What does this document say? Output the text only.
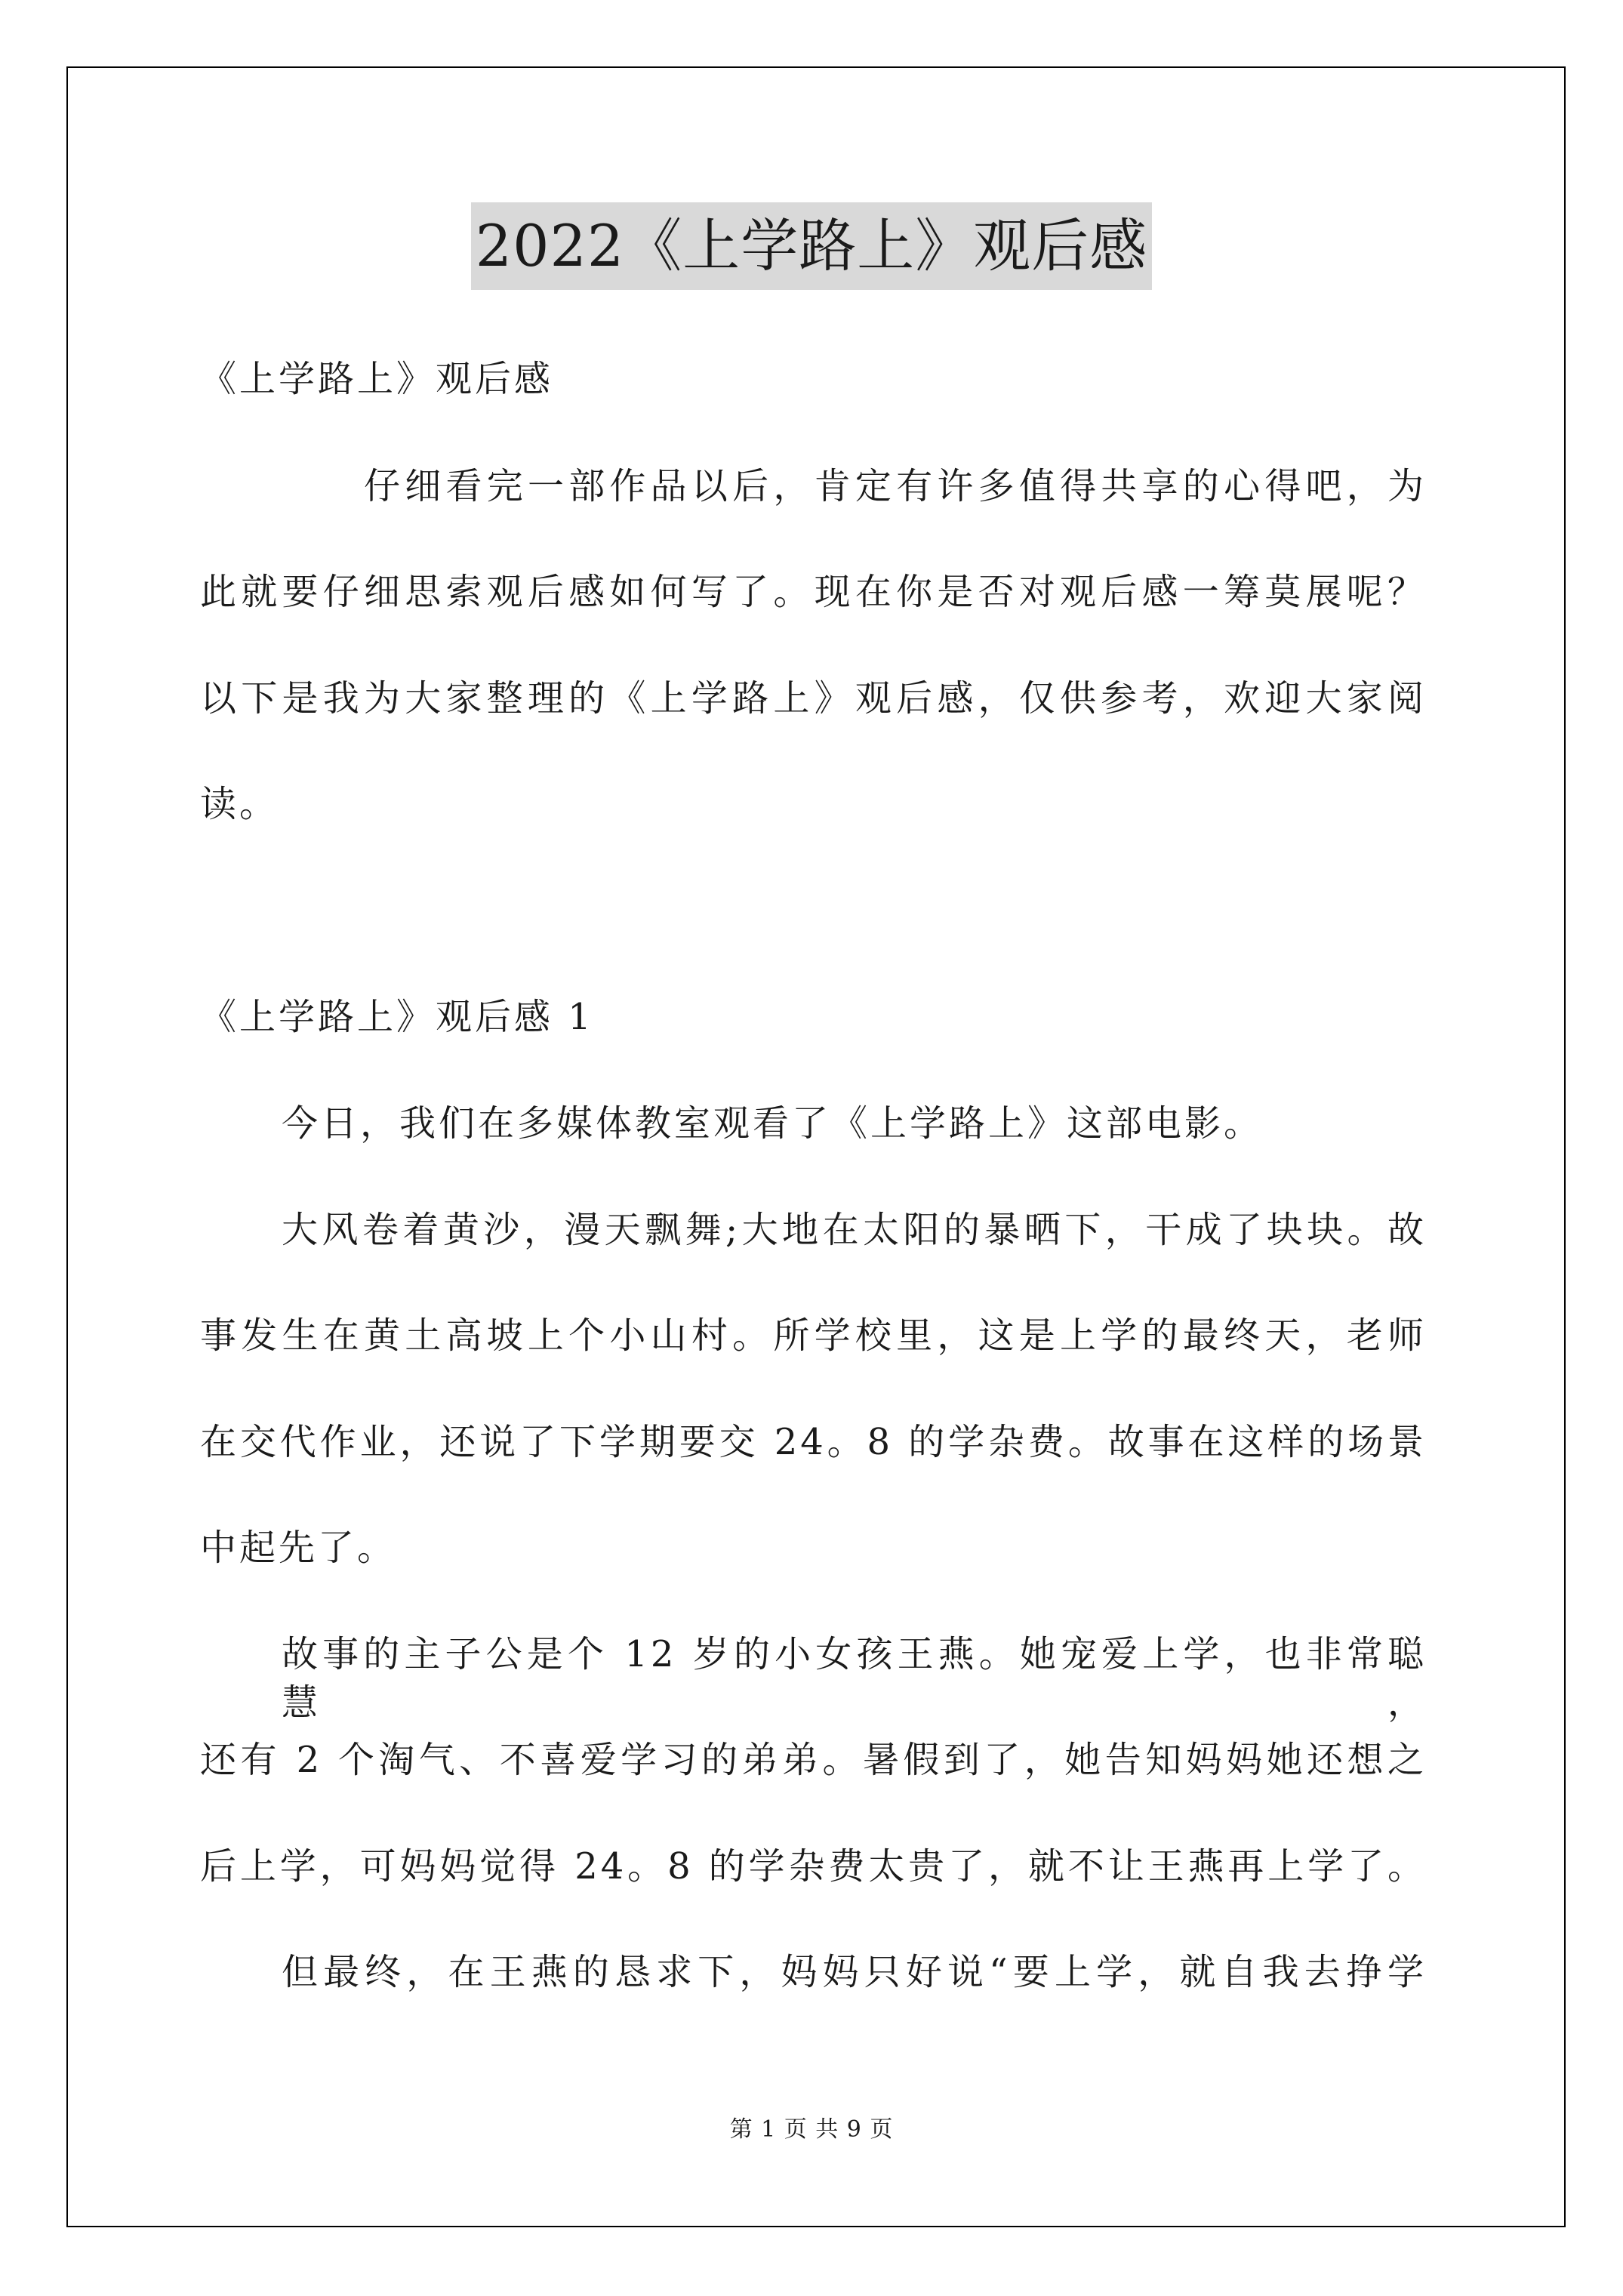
2022《上学路上》观后感
《上学路上》观后感
仔细看完一部作品以后，肯定有许多值得共享的心得吧，为
此就要仔细思索观后感如何写了。现在你是否对观后感一筹莫展呢？
以下是我为大家整理的《上学路上》观后感，仅供参考，欢迎大家阅
读。
《上学路上》观后感 1
今日，我们在多媒体教室观看了《上学路上》这部电影。
大风卷着黄沙，漫天飘舞;大地在太阳的暴晒下，干成了块块。故
事发生在黄土高坡上个小山村。所学校里，这是上学的最终天，老师
在交代作业，还说了下学期要交 24。8 的学杂费。故事在这样的场景
中起先了。
故事的主子公是个 12 岁的小女孩王燕。她宠爱上学，也非常聪慧，
还有 2 个淘气、不喜爱学习的弟弟。暑假到了，她告知妈妈她还想之
后上学，可妈妈觉得 24。8 的学杂费太贵了，就不让王燕再上学了。
但最终，在王燕的恳求下，妈妈只好说“要上学，就自我去挣学
第 1 页 共 9 页
